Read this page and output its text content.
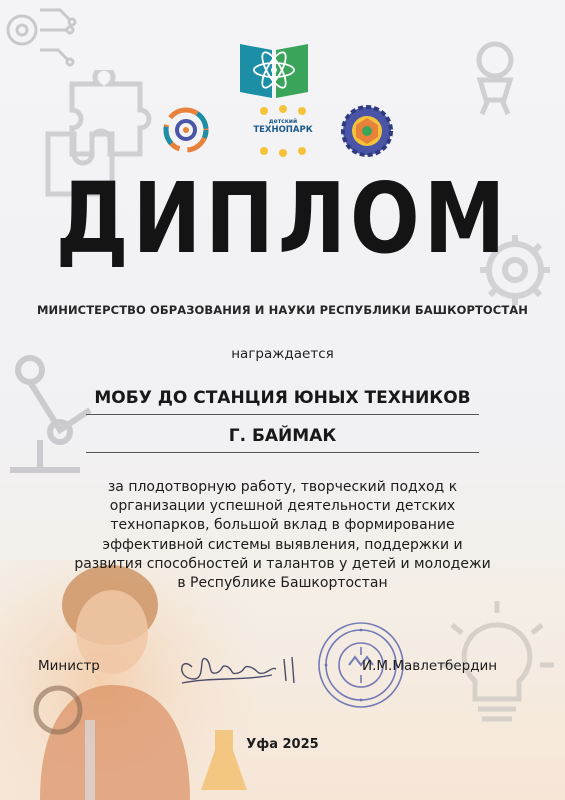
детский
ТЕХНОПАРК
ДИПЛОМ
МИНИСТЕРСТВО ОБРАЗОВАНИЯ И НАУКИ РЕСПУБЛИКИ БАШКОРТОСТАН
награждается
МОБУ ДО СТАНЦИЯ ЮНЫХ ТЕХНИКОВ
Г. БАЙМАК
за плодотворную работу, творческий подход к
организации успешной деятельности детских
технопарков, большой вклад в формирование
эффективной системы выявления, поддержки и
развития способностей и талантов у детей и молодежи
в Республике Башкортостан
Министр	И.М.Мавлетбердин
Уфа 2025
